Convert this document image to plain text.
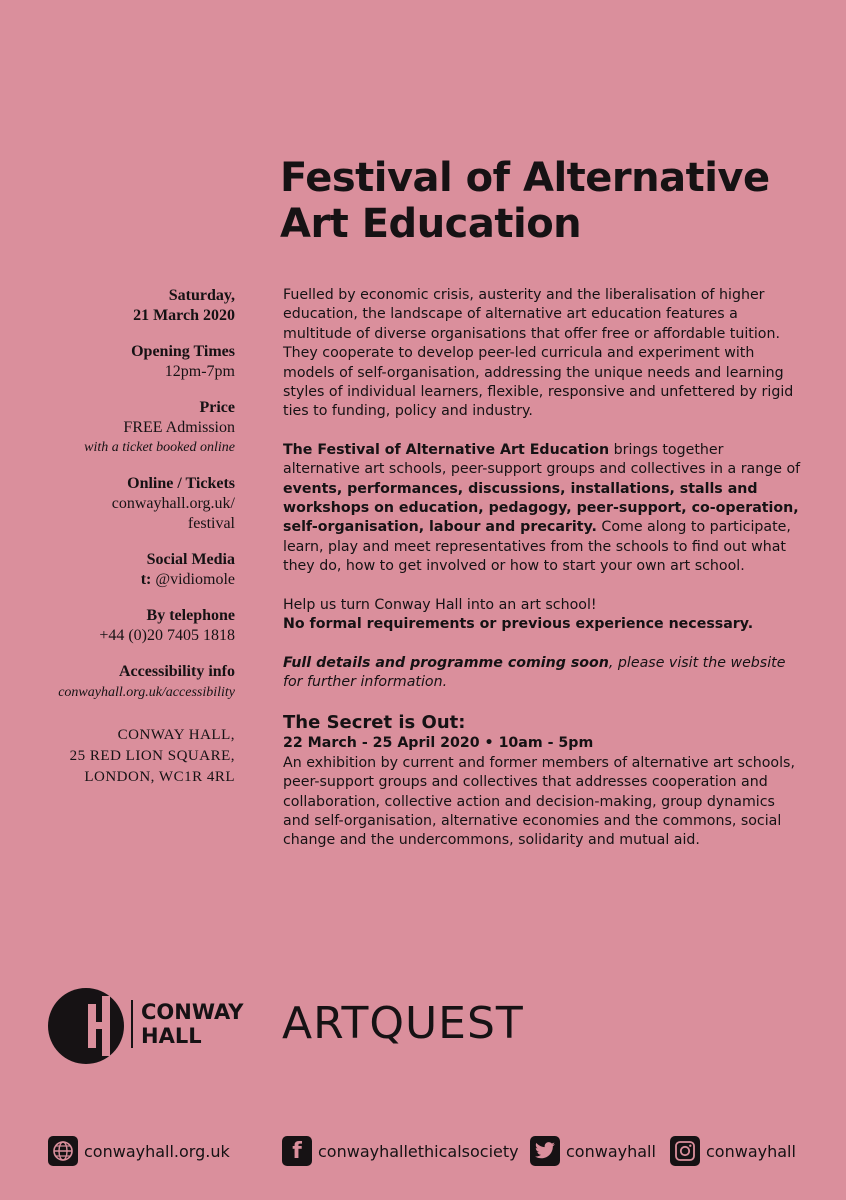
Festival of Alternative
Art Education
Saturday,
21 March 2020
Opening Times
12pm-7pm
Price
FREE Admission
with a ticket booked online
Online / Tickets
conwayhall.org.uk/
festival
Social Media
t: @vidiomole
By telephone
+44 (0)20 7405 1818
Accessibility info
conwayhall.org.uk/accessibility
CONWAY HALL,
25 RED LION SQUARE,
LONDON, WC1R 4RL

Fuelled by economic crisis, austerity and the liberalisation of higher education, the landscape of alternative art education features a multitude of diverse organisations that offer free or affordable tuition. They cooperate to develop peer-led curricula and experiment with models of self-organisation, addressing the unique needs and learning styles of individual learners, flexible, responsive and unfettered by rigid ties to funding, policy and industry.

The Festival of Alternative Art Education brings together alternative art schools, peer-support groups and collectives in a range of events, performances, discussions, installations, stalls and workshops on education, pedagogy, peer-support, co-operation, self-organisation, labour and precarity. Come along to participate, learn, play and meet representatives from the schools to find out what they do, how to get involved or how to start your own art school.

Help us turn Conway Hall into an art school!
No formal requirements or previous experience necessary.

Full details and programme coming soon, please visit the website for further information.

The Secret is Out:
22 March - 25 April 2020 • 10am - 5pm
An exhibition by current and former members of alternative art schools, peer-support groups and collectives that addresses cooperation and collaboration, collective action and decision-making, group dynamics and self-organisation, alternative economies and the commons, social change and the undercommons, solidarity and mutual aid.
CONWAY
HALL	ARTQUEST
conwayhall.org.uk	f	conwayhallethicalsociety	conwayhall	conwayhall
